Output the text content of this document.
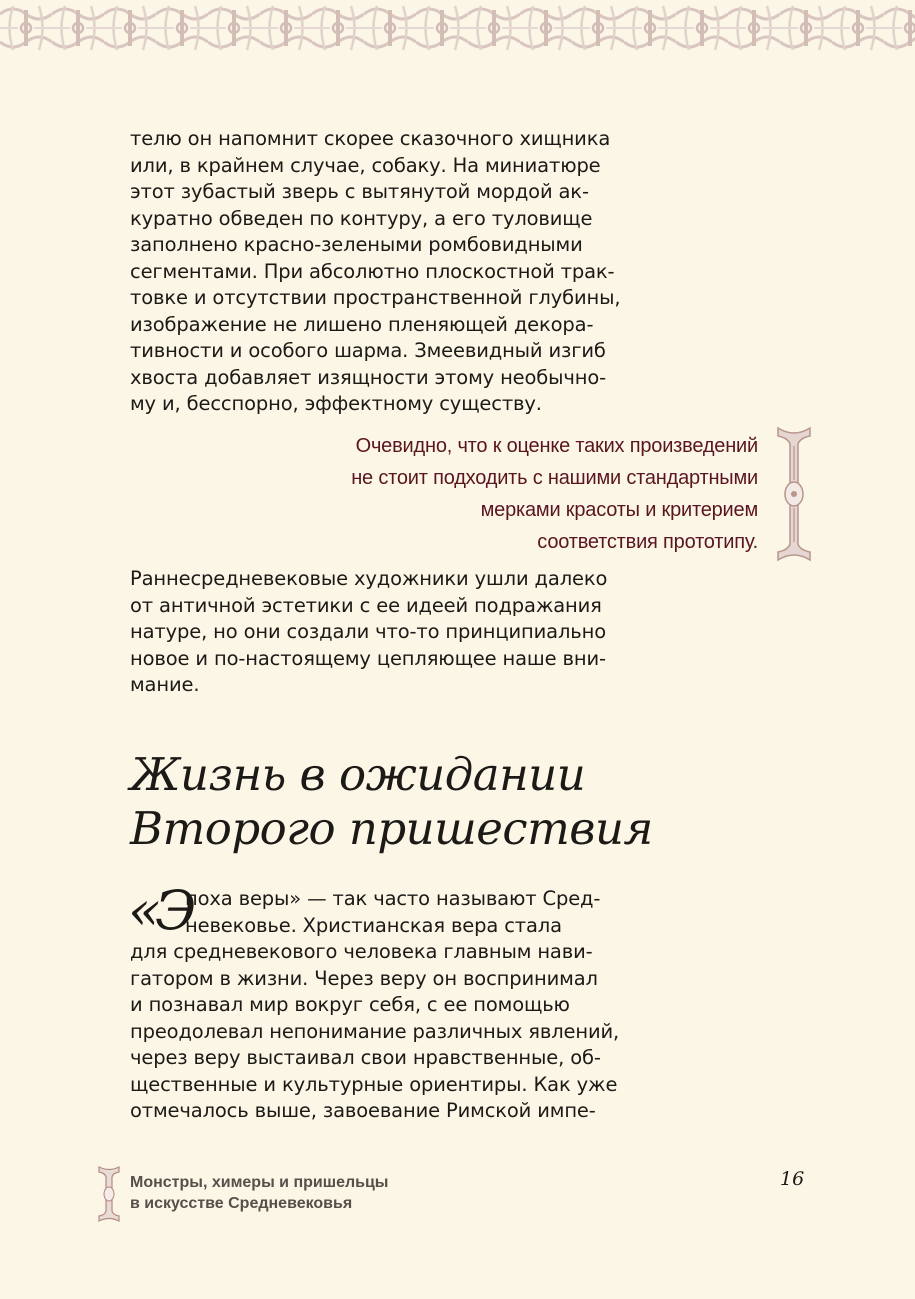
телю он напомнит скорее сказочного хищника
или, в крайнем случае, собаку. На миниатюре
этот зубастый зверь с вытянутой мордой ак-
куратно обведен по контуру, а его туловище
заполнено красно-зелеными ромбовидными
сегментами. При абсолютно плоскостной трак-
товке и отсутствии пространственной глубины,
изображение не лишено пленяющей декора-
тивности и особого шарма. Змеевидный изгиб
хвоста добавляет изящности этому необычно-
му и, бесспорно, эффектному существу.

Очевидно, что к оценке таких произведений
не стоит подходить с нашими стандартными
мерками красоты и критерием
соответствия прототипу.

Раннесредневековые художники ушли далеко
от античной эстетики с ее идеей подражания
натуре, но они создали что-то принципиально
новое и по-настоящему цепляющее наше вни-
мание.

Жизнь в ожидании
Второго пришествия
«Э

поха веры» — так часто называют Сред-
невековье. Христианская вера стала
для средневекового человека главным нави-
гатором в жизни. Через веру он воспринимал
и познавал мир вокруг себя, с ее помощью
преодолевал непонимание различных явлений,
через веру выстаивал свои нравственные, об-
щественные и культурные ориентиры. Как уже
отмечалось выше, завоевание Римской импе-

Монстры, химеры и пришельцы
в искусстве Средневековья

16
